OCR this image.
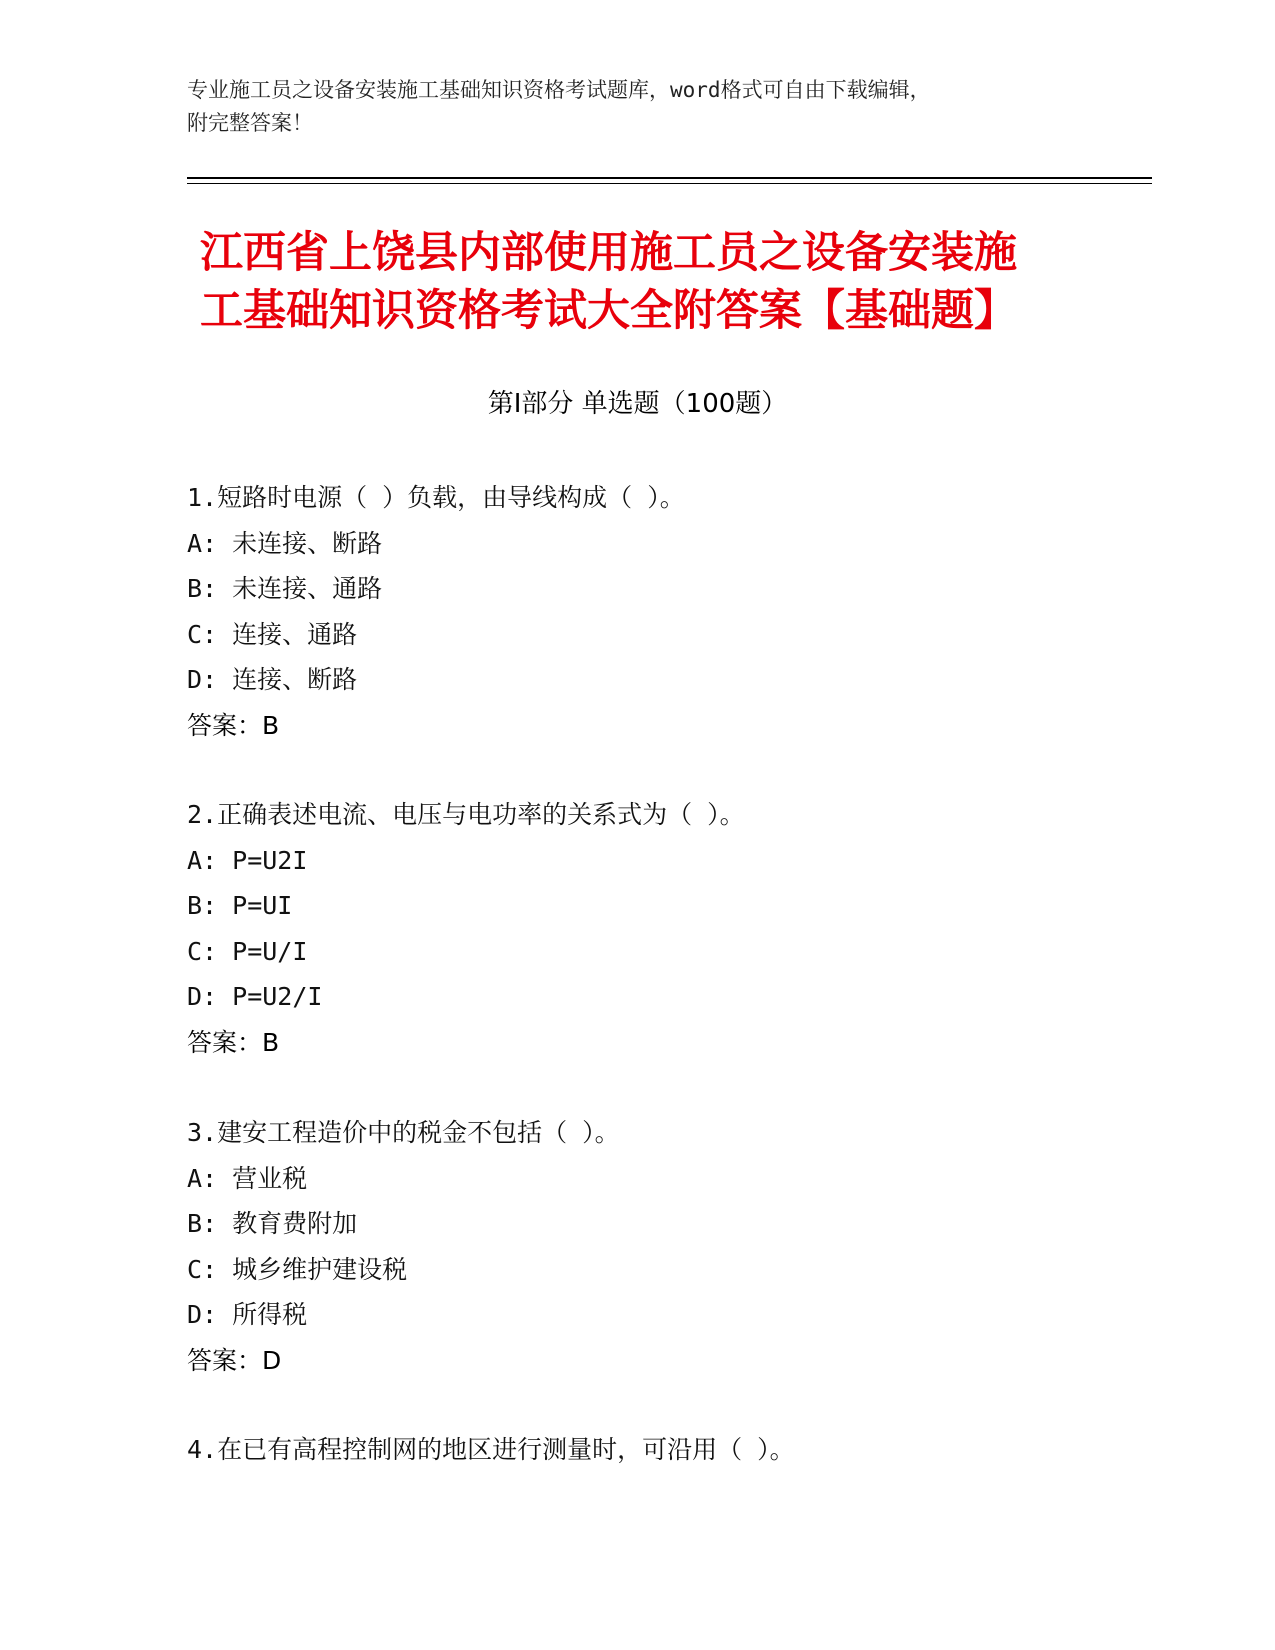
专业施工员之设备安装施工基础知识资格考试题库，word格式可自由下载编辑，
附完整答案！
江西省上饶县内部使用施工员之设备安装施
工基础知识资格考试大全附答案【基础题】
第Ⅰ部分 单选题（100题）
1.短路时电源（ ）负载，由导线构成（ ）。
A: 未连接、断路
B: 未连接、通路
C: 连接、通路
D: 连接、断路
答案：B
2.正确表述电流、电压与电功率的关系式为（ ）。
A: P=U2I
B: P=UI
C: P=U/I
D: P=U2/I
答案：B
3.建安工程造价中的税金不包括（ ）。
A: 营业税
B: 教育费附加
C: 城乡维护建设税
D: 所得税
答案：D
4.在已有高程控制网的地区进行测量时，可沿用（ ）。
